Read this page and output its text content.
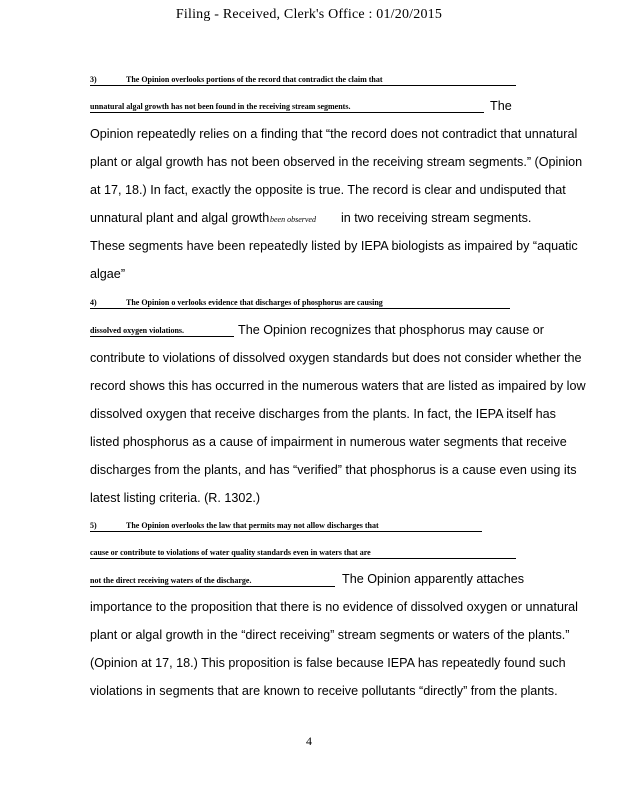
Filing - Received, Clerk's Office : 01/20/2015
3)	The Opinion overlooks portions of the record that contradict the claim that
unnatural algal growth has not been found in the receiving stream segments.	The
Opinion repeatedly relies on a finding that “the record does not contradict that unnatural
plant or algal growth has not been observed in the receiving stream segments.” (Opinion
at 17, 18.) In fact, exactly the opposite is true. The record is clear and undisputed that
unnatural plant and algal growth been observed in two receiving stream segments.
These segments have been repeatedly listed by IEPA biologists as impaired by “aquatic
algae”
4)	The Opinion o verlooks evidence that discharges of phosphorus are causing
dissolved oxygen violations.	The Opinion recognizes that phosphorus may cause or
contribute to violations of dissolved oxygen standards but does not consider whether the
record shows this has occurred in the numerous waters that are listed as impaired by low
dissolved oxygen that receive discharges from the plants. In fact, the IEPA itself has
listed phosphorus as a cause of impairment in numerous water segments that receive
discharges from the plants, and has “verified” that phosphorus is a cause even using its
latest listing criteria. (R. 1302.)
5)	The Opinion overlooks the law that permits may not allow discharges that
cause or contribute to violations of water quality standards even in waters that are
not the direct receiving waters of the discharge.	The Opinion apparently attaches
importance to the proposition that there is no evidence of dissolved oxygen or unnatural
plant or algal growth in the “direct receiving” stream segments or waters of the plants.”
(Opinion at 17, 18.) This proposition is false because IEPA has repeatedly found such
violations in segments that are known to receive pollutants “directly” from the plants.
4
